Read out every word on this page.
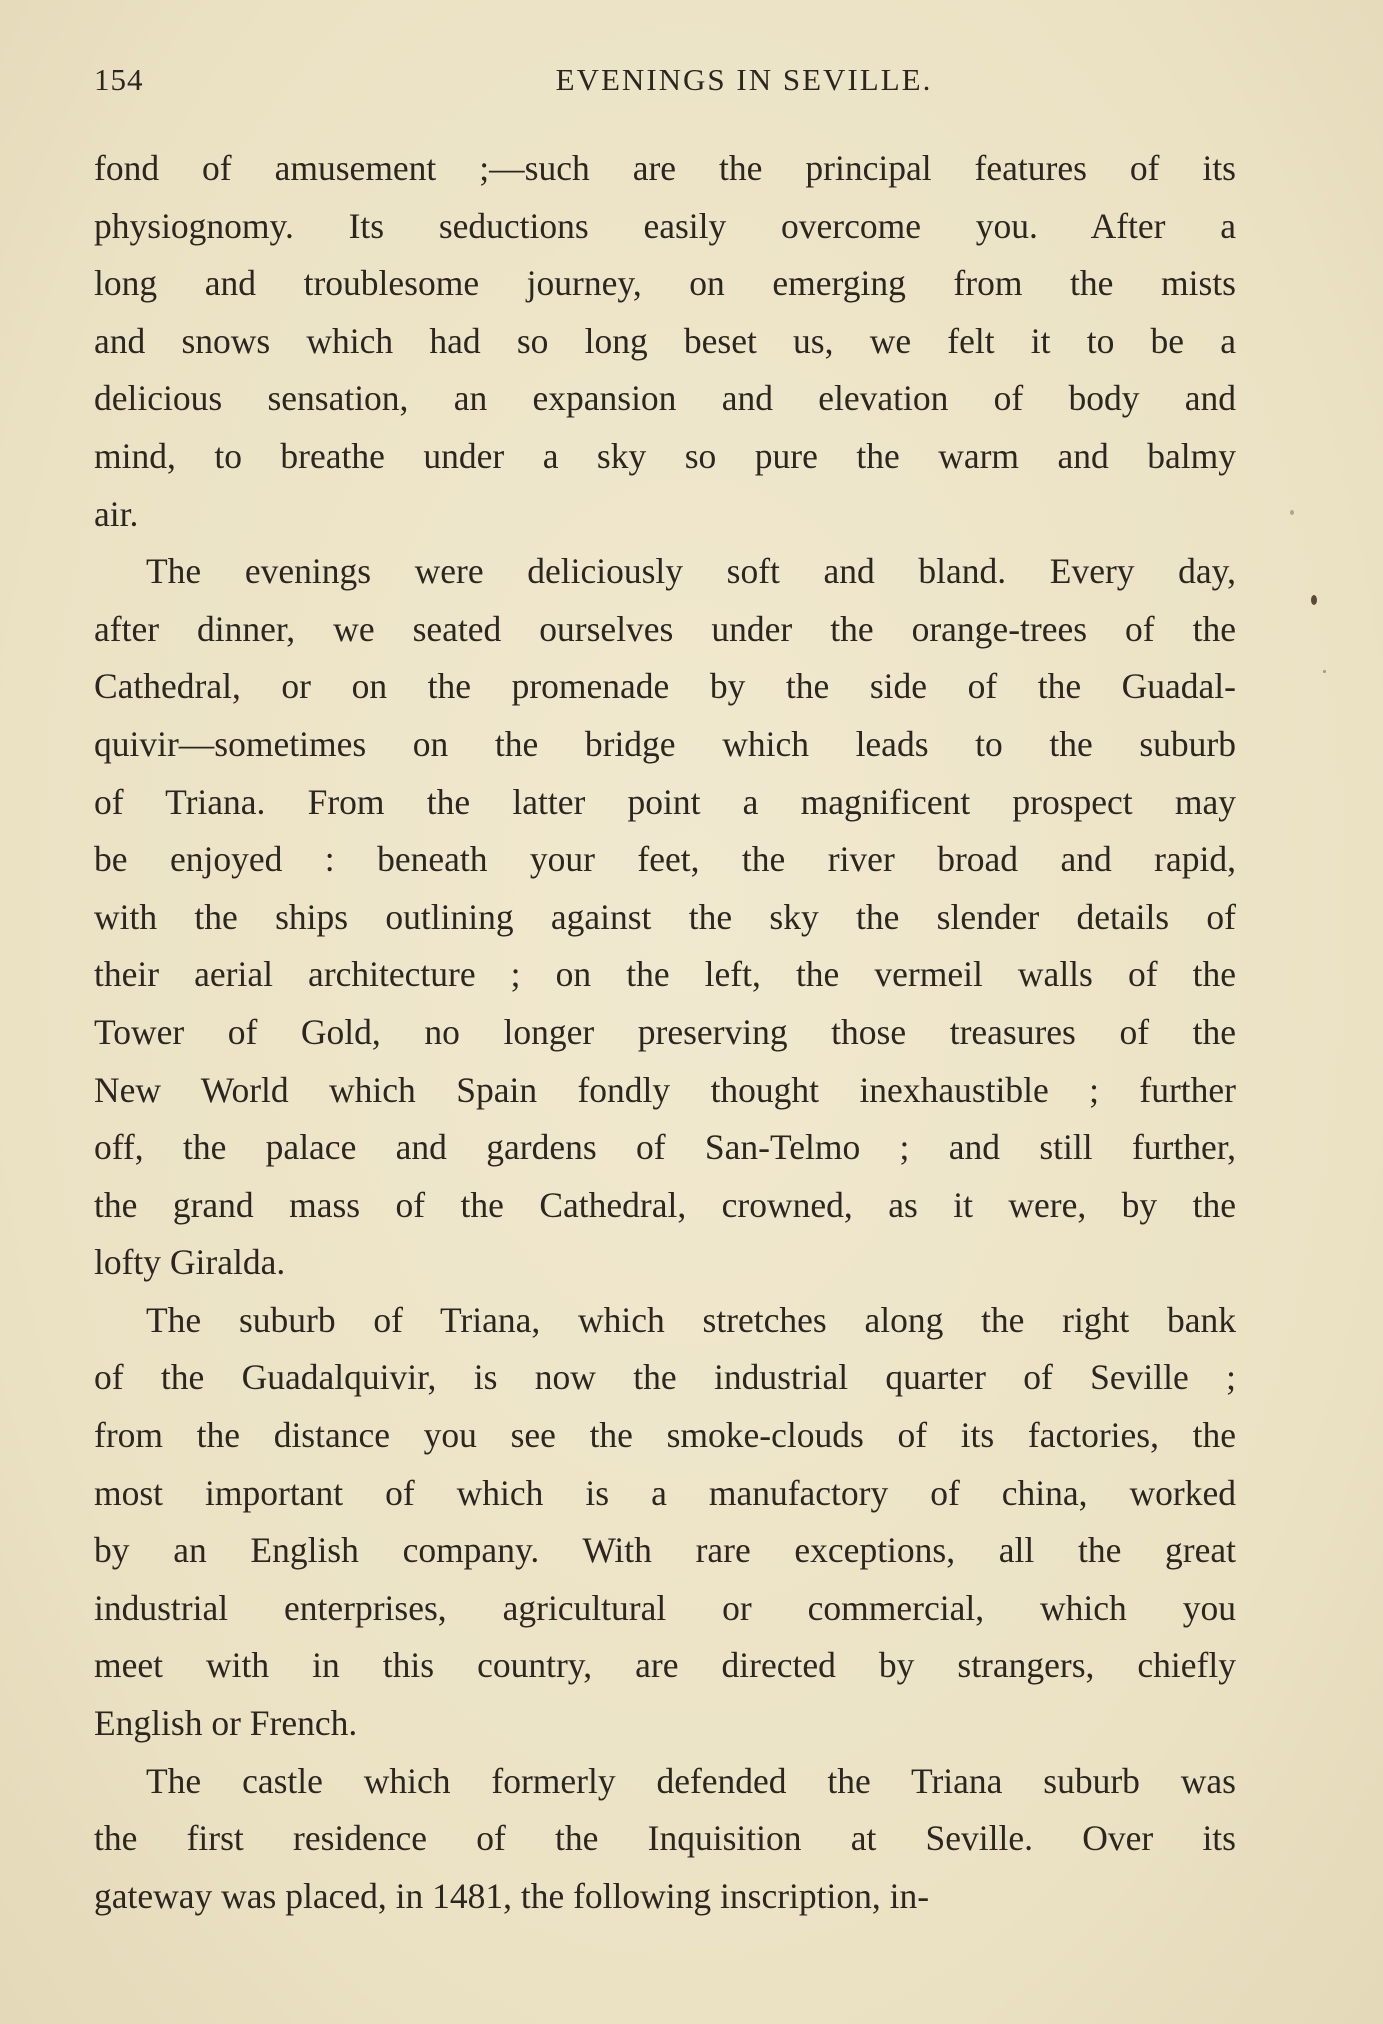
154	EVENINGS IN SEVILLE.
fond of amusement ;—such are the principal features of its
physiognomy. Its seductions easily overcome you. After a
long and troublesome journey, on emerging from the mists
and snows which had so long beset us, we felt it to be a
delicious sensation, an expansion and elevation of body and
mind, to breathe under a sky so pure the warm and balmy
air.
The evenings were deliciously soft and bland. Every day,
after dinner, we seated ourselves under the orange-trees of the
Cathedral, or on the promenade by the side of the Guadal-
quivir—sometimes on the bridge which leads to the suburb
of Triana. From the latter point a magnificent prospect may
be enjoyed : beneath your feet, the river broad and rapid,
with the ships outlining against the sky the slender details of
their aerial architecture ; on the left, the vermeil walls of the
Tower of Gold, no longer preserving those treasures of the
New World which Spain fondly thought inexhaustible ; further
off, the palace and gardens of San-Telmo ; and still further,
the grand mass of the Cathedral, crowned, as it were, by the
lofty Giralda.
The suburb of Triana, which stretches along the right bank
of the Guadalquivir, is now the industrial quarter of Seville ;
from the distance you see the smoke-clouds of its factories, the
most important of which is a manufactory of china, worked
by an English company. With rare exceptions, all the great
industrial enterprises, agricultural or commercial, which you
meet with in this country, are directed by strangers, chiefly
English or French.
The castle which formerly defended the Triana suburb was
the first residence of the Inquisition at Seville. Over its
gateway was placed, in 1481, the following inscription, in-
